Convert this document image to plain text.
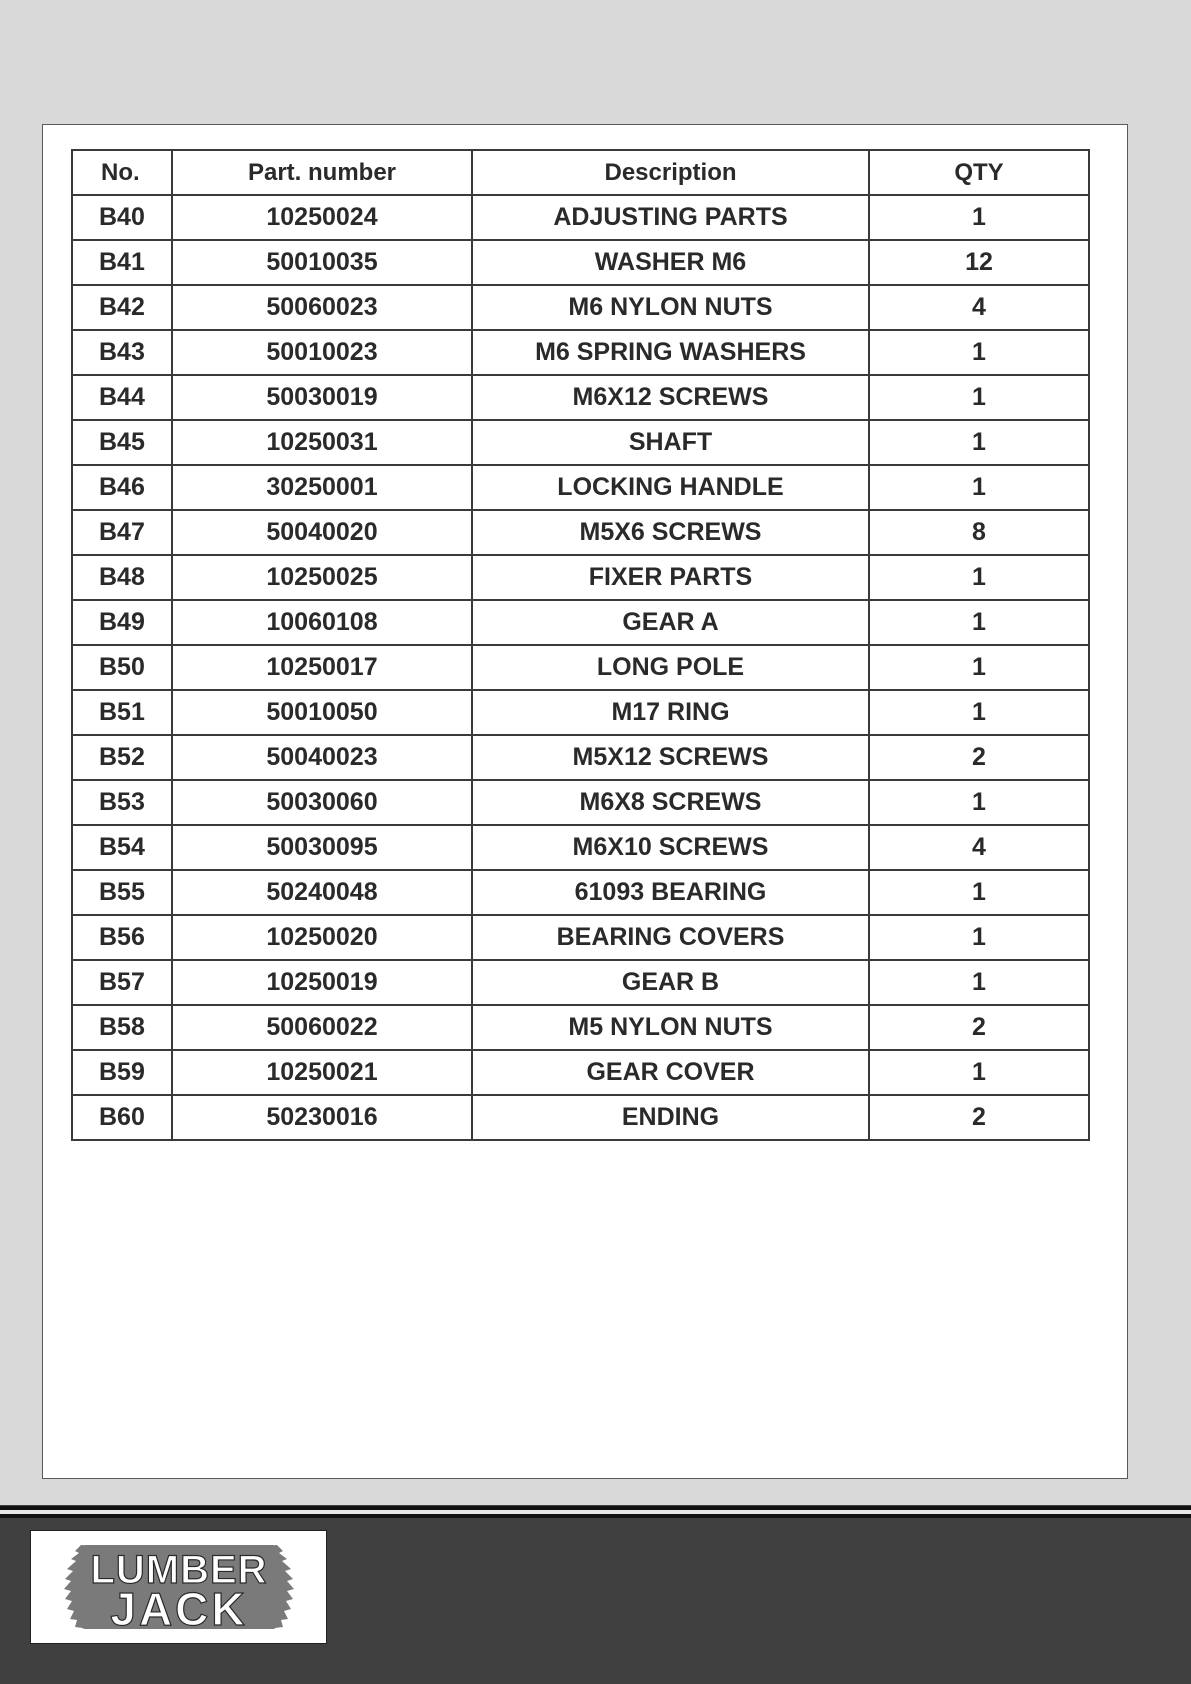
No.	Part. number	Description	QTY
B40	10250024	ADJUSTING PARTS	1
B41	50010035	WASHER M6	12
B42	50060023	M6 NYLON NUTS	4
B43	50010023	M6 SPRING WASHERS	1
B44	50030019	M6X12 SCREWS	1
B45	10250031	SHAFT	1
B46	30250001	LOCKING HANDLE	1
B47	50040020	M5X6 SCREWS	8
B48	10250025	FIXER PARTS	1
B49	10060108	GEAR A	1
B50	10250017	LONG POLE	1
B51	50010050	M17 RING	1
B52	50040023	M5X12 SCREWS	2
B53	50030060	M6X8 SCREWS	1
B54	50030095	M6X10 SCREWS	4
B55	50240048	61093 BEARING	1
B56	10250020	BEARING COVERS	1
B57	10250019	GEAR B	1
B58	50060022	M5 NYLON NUTS	2
B59	10250021	GEAR COVER	1
B60	50230016	ENDING	2
LUMBER
JACK
